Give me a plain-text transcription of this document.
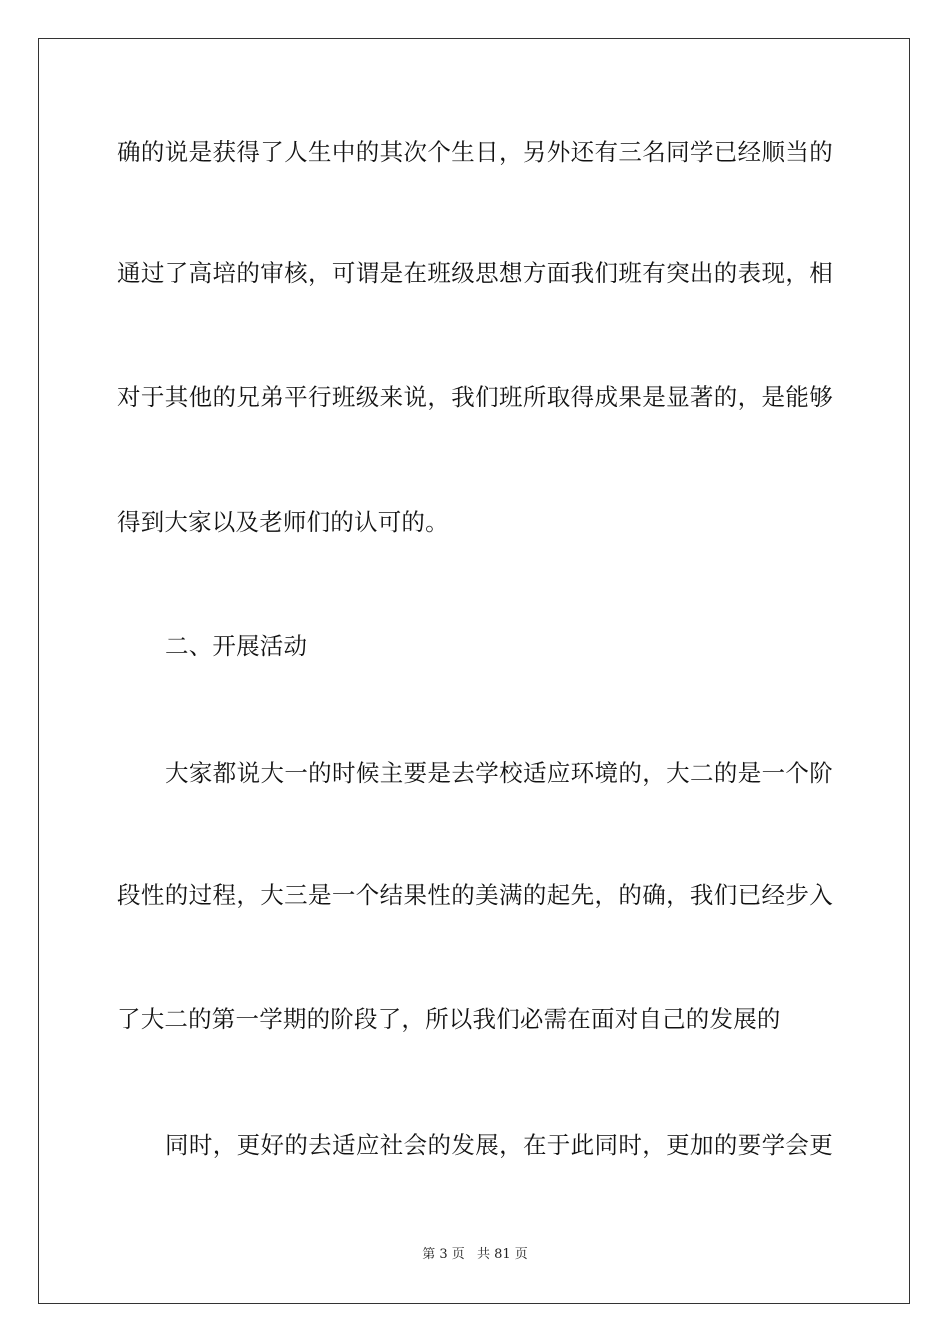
确的说是获得了人生中的其次个生日，另外还有三名同学已经顺当的
通过了高培的审核，可谓是在班级思想方面我们班有突出的表现，相
对于其他的兄弟平行班级来说，我们班所取得成果是显著的，是能够
得到大家以及老师们的认可的。
二、开展活动
大家都说大一的时候主要是去学校适应环境的，大二的是一个阶
段性的过程，大三是一个结果性的美满的起先，的确，我们已经步入
了大二的第一学期的阶段了，所以我们必需在面对自己的发展的
同时，更好的去适应社会的发展，在于此同时，更加的要学会更
第 3 页 共 81 页
